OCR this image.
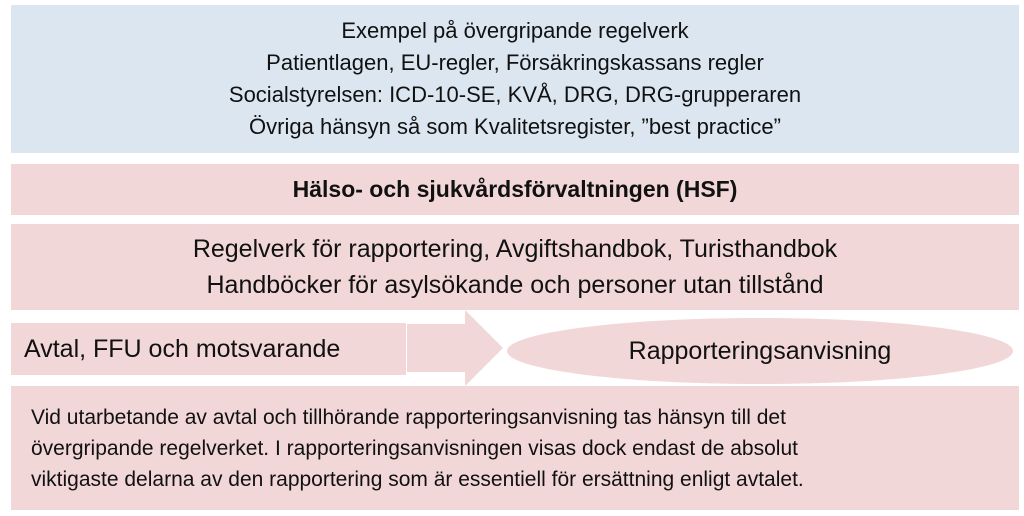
Exempel på övergripande regelverk
Patientlagen, EU-regler, Försäkringskassans regler
Socialstyrelsen: ICD-10-SE, KVÅ, DRG, DRG-grupperaren
Övriga hänsyn så som Kvalitetsregister, ”best practice”
Hälso- och sjukvårdsförvaltningen (HSF)
Regelverk för rapportering, Avgiftshandbok, Turisthandbok
Handböcker för asylsökande och personer utan tillstånd
Avtal, FFU och motsvarande	Rapporteringsanvisning
Vid utarbetande av avtal och tillhörande rapporteringsanvisning tas hänsyn till det
övergripande regelverket. I rapporteringsanvisningen visas dock endast de absolut
viktigaste delarna av den rapportering som är essentiell för ersättning enligt avtalet.
